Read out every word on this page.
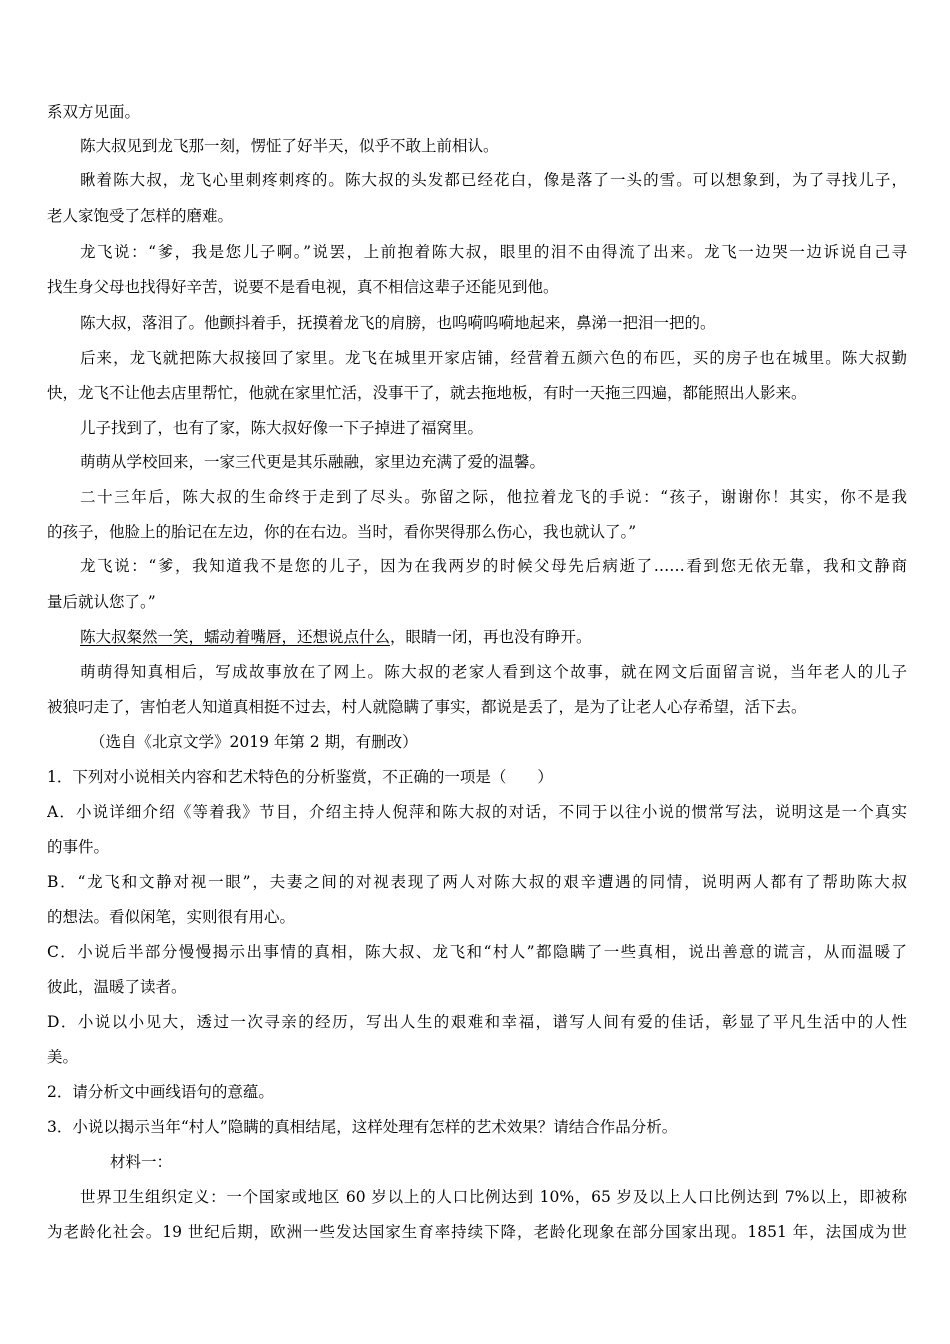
系双方见面。
陈大叔见到龙飞那一刻，愣怔了好半天，似乎不敢上前相认。
瞅着陈大叔，龙飞心里刺疼刺疼的。陈大叔的头发都已经花白，像是落了一头的雪。可以想象到，为了寻找儿子，
老人家饱受了怎样的磨难。
龙飞说：“爹，我是您儿子啊。”说罢，上前抱着陈大叔，眼里的泪不由得流了出来。龙飞一边哭一边诉说自己寻
找生身父母也找得好辛苦，说要不是看电视，真不相信这辈子还能见到他。
陈大叔，落泪了。他颤抖着手，抚摸着龙飞的肩膀，也呜嗬呜嗬地起来，鼻涕一把泪一把的。
后来，龙飞就把陈大叔接回了家里。龙飞在城里开家店铺，经营着五颜六色的布匹，买的房子也在城里。陈大叔勤
快，龙飞不让他去店里帮忙，他就在家里忙活，没事干了，就去拖地板，有时一天拖三四遍，都能照出人影来。
儿子找到了，也有了家，陈大叔好像一下子掉进了福窝里。
萌萌从学校回来，一家三代更是其乐融融，家里边充满了爱的温馨。
二十三年后，陈大叔的生命终于走到了尽头。弥留之际，他拉着龙飞的手说：“孩子，谢谢你！其实，你不是我
的孩子，他脸上的胎记在左边，你的在右边。当时，看你哭得那么伤心，我也就认了。”
龙飞说：“爹，我知道我不是您的儿子，因为在我两岁的时候父母先后病逝了……看到您无依无靠，我和文静商
量后就认您了。”
陈大叔粲然一笑，蠕动着嘴唇，还想说点什么，眼睛一闭，再也没有睁开。
萌萌得知真相后，写成故事放在了网上。陈大叔的老家人看到这个故事，就在网文后面留言说，当年老人的儿子
被狼叼走了，害怕老人知道真相挺不过去，村人就隐瞒了事实，都说是丢了，是为了让老人心存希望，活下去。
（选自《北京文学》2019 年第 2 期，有删改）
1．下列对小说相关内容和艺术特色的分析鉴赏，不正确的一项是（　　）
A．小说详细介绍《等着我》节目，介绍主持人倪萍和陈大叔的对话，不同于以往小说的惯常写法，说明这是一个真实
的事件。
B．“龙飞和文静对视一眼”，夫妻之间的对视表现了两人对陈大叔的艰辛遭遇的同情，说明两人都有了帮助陈大叔
的想法。看似闲笔，实则很有用心。
C．小说后半部分慢慢揭示出事情的真相，陈大叔、龙飞和“村人”都隐瞒了一些真相，说出善意的谎言，从而温暖了
彼此，温暖了读者。
D．小说以小见大，透过一次寻亲的经历，写出人生的艰难和幸福，谱写人间有爱的佳话，彰显了平凡生活中的人性
美。
2．请分析文中画线语句的意蕴。
3．小说以揭示当年“村人”隐瞒的真相结尾，这样处理有怎样的艺术效果？请结合作品分析。
材料一：
世界卫生组织定义：一个国家或地区 60 岁以上的人口比例达到 10%，65 岁及以上人口比例达到 7%以上，即被称
为老龄化社会。19 世纪后期，欧洲一些发达国家生育率持续下降，老龄化现象在部分国家出现。1851 年，法国成为世
